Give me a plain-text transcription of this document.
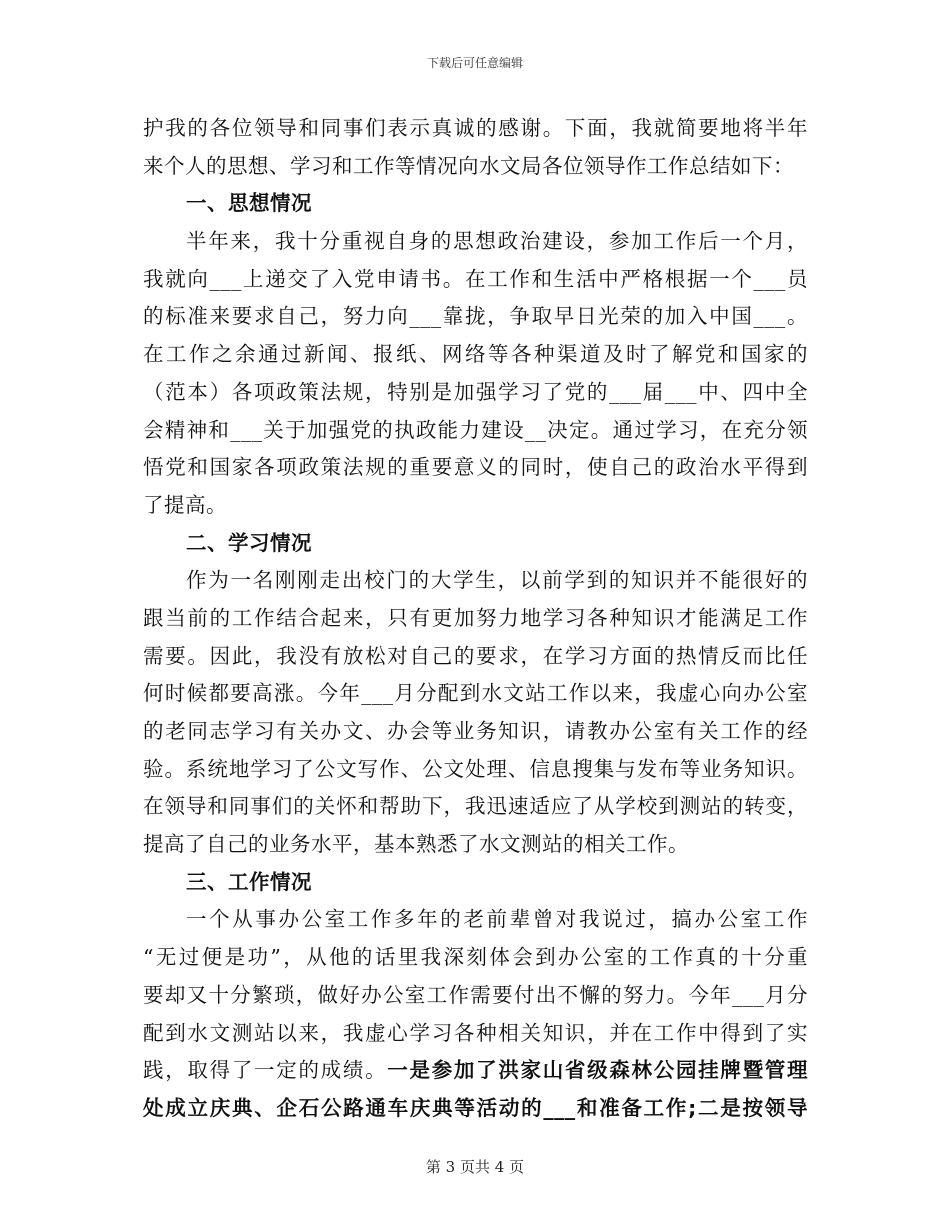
下载后可任意编辑
护我的各位领导和同事们表示真诚的感谢。下面，我就简要地将半年
来个人的思想、学习和工作等情况向水文局各位领导作工作总结如下：
一、思想情况
半年来，我十分重视自身的思想政治建设，参加工作后一个月，
我就向___上递交了入党申请书。在工作和生活中严格根据一个___员
的标准来要求自己，努力向___靠拢，争取早日光荣的加入中国___。
在工作之余通过新闻、报纸、网络等各种渠道及时了解党和国家的
（范本）各项政策法规，特别是加强学习了党的___届___中、四中全
会精神和___关于加强党的执政能力建设__决定。通过学习，在充分领
悟党和国家各项政策法规的重要意义的同时，使自己的政治水平得到
了提高。
二、学习情况
作为一名刚刚走出校门的大学生，以前学到的知识并不能很好的
跟当前的工作结合起来，只有更加努力地学习各种知识才能满足工作
需要。因此，我没有放松对自己的要求，在学习方面的热情反而比任
何时候都要高涨。今年___月分配到水文站工作以来，我虚心向办公室
的老同志学习有关办文、办会等业务知识，请教办公室有关工作的经
验。系统地学习了公文写作、公文处理、信息搜集与发布等业务知识。
在领导和同事们的关怀和帮助下，我迅速适应了从学校到测站的转变，
提高了自己的业务水平，基本熟悉了水文测站的相关工作。
三、工作情况
一个从事办公室工作多年的老前辈曾对我说过，搞办公室工作
“无过便是功”，从他的话里我深刻体会到办公室的工作真的十分重
要却又十分繁琐，做好办公室工作需要付出不懈的努力。今年___月分
配到水文测站以来，我虚心学习各种相关知识，并在工作中得到了实
践，取得了一定的成绩。一是参加了洪家山省级森林公园挂牌暨管理
处成立庆典、企石公路通车庆典等活动的___和准备工作;二是按领导
第 3 页共 4 页
